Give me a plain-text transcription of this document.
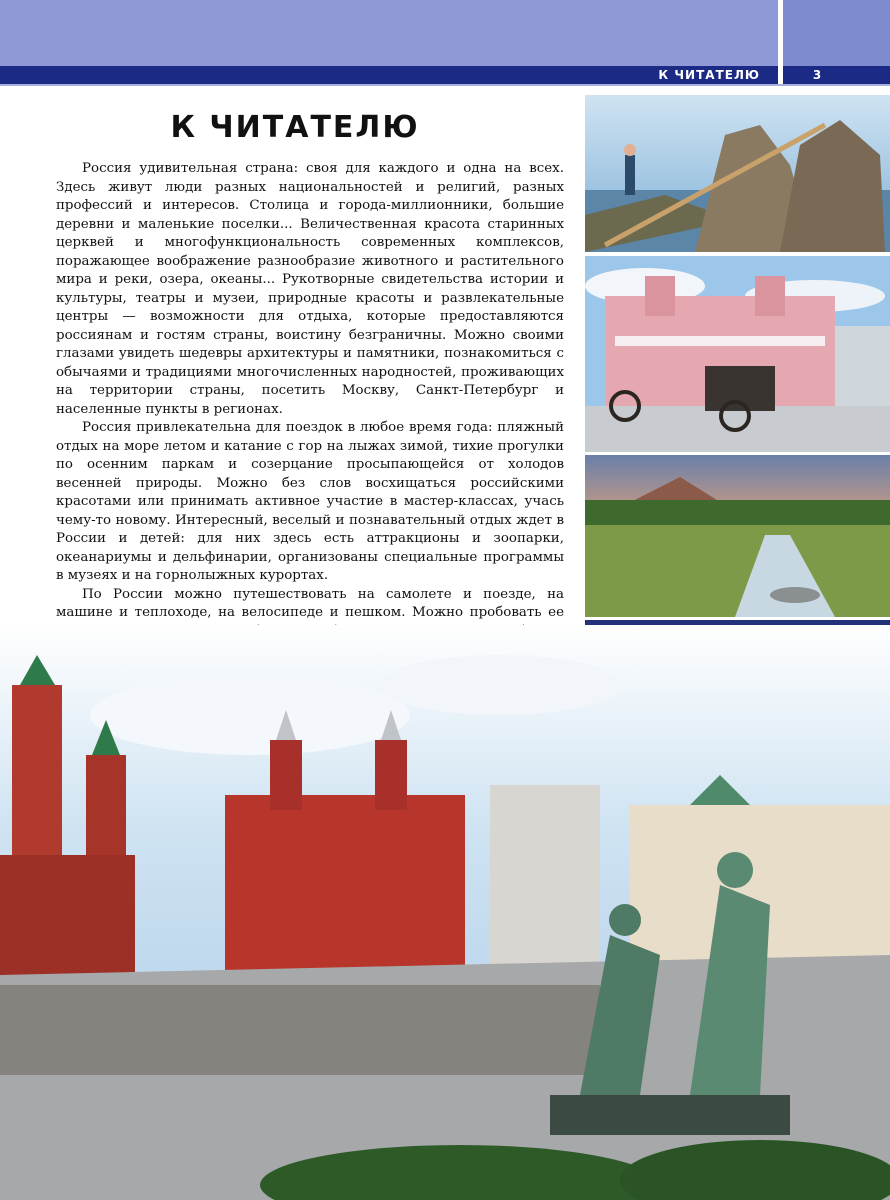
К ЧИТАТЕЛЮ	3
К ЧИТАТЕЛЮ

Россия удивительная страна: своя для каждого и одна на всех. Здесь живут люди разных национальностей и религий, разных профессий и интересов. Столица и города-миллионники, большие деревни и маленькие поселки... Величественная красота старинных церквей и многофункциональность современных комплексов, поражающее воображение разнообразие животного и растительного мира и реки, озера, океаны... Рукотворные свидетельства истории и культуры, театры и музеи, природные красоты и развлекательные центры — возможности для отдыха, которые предоставляются россиянам и гостям страны, воистину безграничны. Можно своими глазами увидеть шедевры архитектуры и памятники, познакомиться с обычаями и традициями многочисленных народностей, проживающих на территории страны, посетить Москву, Санкт-Петербург и населенные пункты в регионах.

Россия привлекательна для поездок в любое время года: пляжный отдых на море летом и катание с гор на лыжах зимой, тихие прогулки по осенним паркам и созерцание просыпающейся от холодов весенней природы. Можно без слов восхищаться российскими красотами или принимать активное участие в мастер-классах, учась чему-то новому. Интересный, веселый и познавательный отдых ждет в России и детей: для них здесь есть аттракционы и зоопарки, океанариумы и дельфинарии, организованы специальные программы в музеях и на горнолыжных курортах.

По России можно путешествовать на самолете и поезде, на машине и теплоходе, на велосипеде и пешком. Можно пробовать ее
